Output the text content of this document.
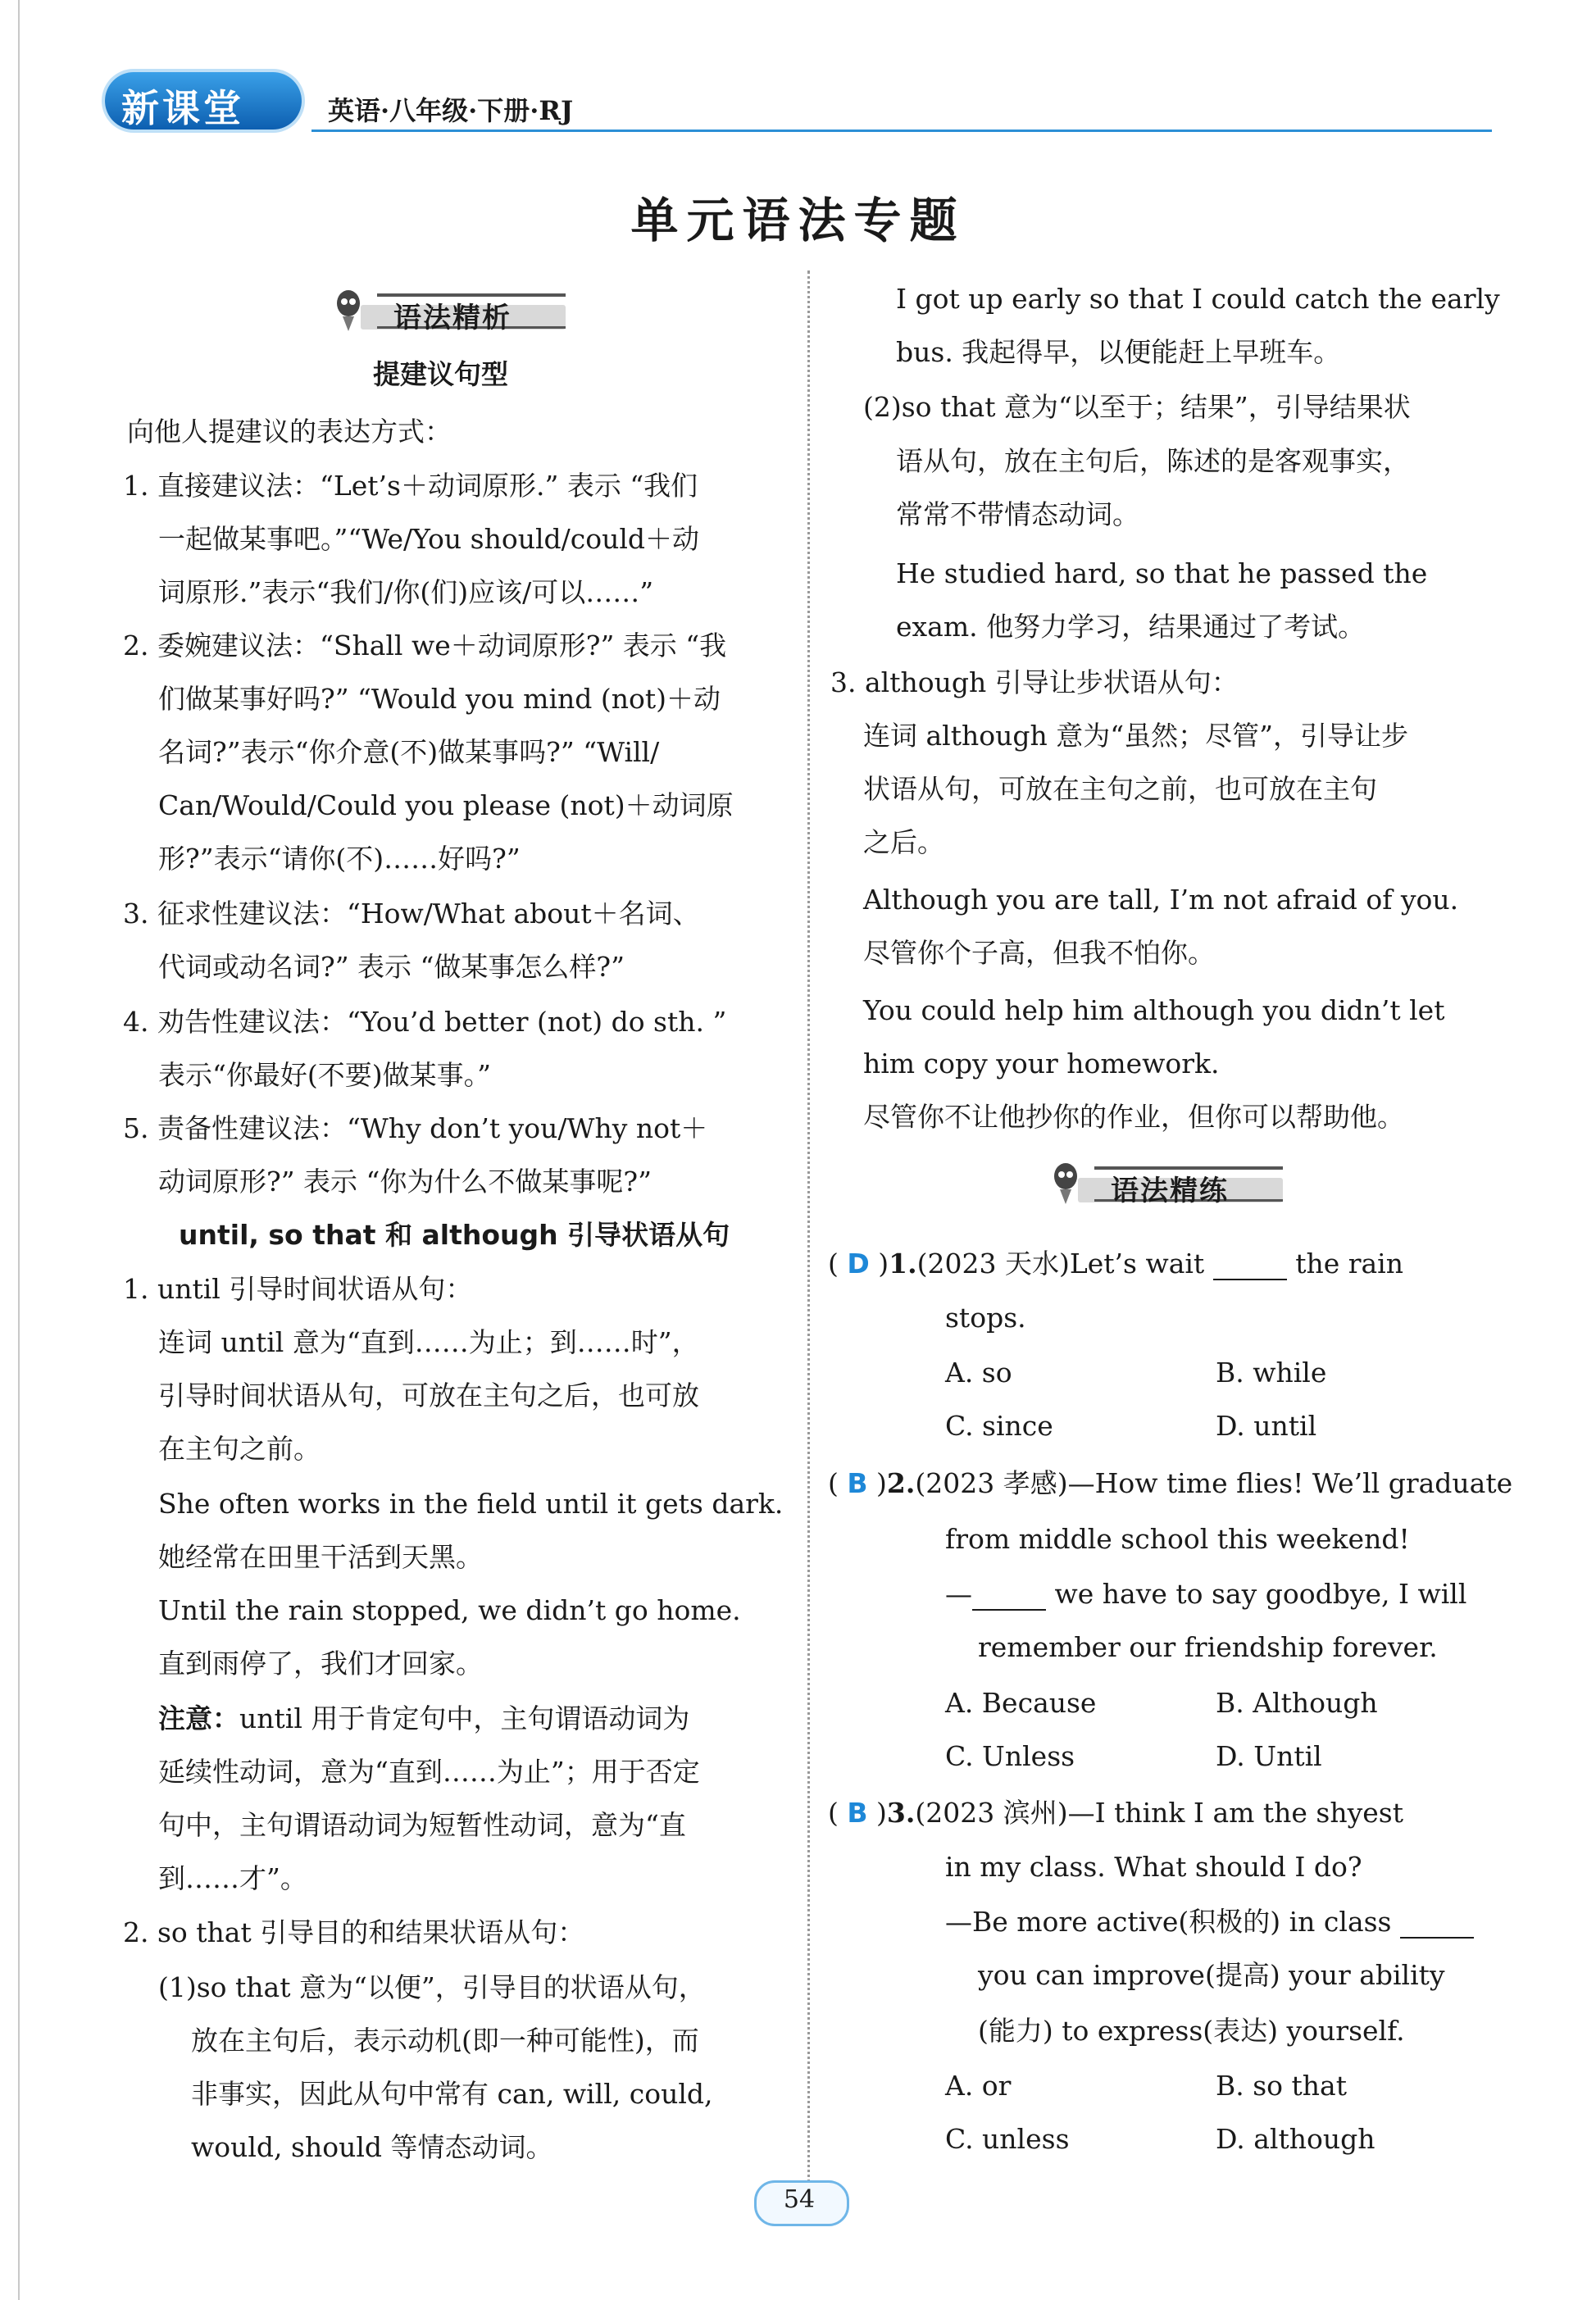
新课堂	英语·八年级·下册·RJ
单元语法专题
语法精析
提建议句型
向他人提建议的表达方式：
1. 直接建议法：“Let’s＋动词原形.” 表示 “我们
一起做某事吧。”“We/You should/could＋动
词原形.”表示“我们/你(们)应该/可以……”
2. 委婉建议法：“Shall we＋动词原形?” 表示 “我
们做某事好吗?” “Would you mind (not)＋动
名词?”表示“你介意(不)做某事吗?” “Will/
Can/Would/Could you please (not)＋动词原
形?”表示“请你(不)……好吗?”
3. 征求性建议法：“How/What about＋名词、
代词或动名词?” 表示 “做某事怎么样?”
4. 劝告性建议法：“You’d better (not) do sth. ”
表示“你最好(不要)做某事。”
5. 责备性建议法：“Why don’t you/Why not＋
动词原形?” 表示 “你为什么不做某事呢?”
until, so that 和 although 引导状语从句
1. until 引导时间状语从句：
连词 until 意为“直到……为止；到……时”，
引导时间状语从句，可放在主句之后，也可放
在主句之前。
She often works in the field until it gets dark.
她经常在田里干活到天黑。
Until the rain stopped, we didn’t go home.
直到雨停了，我们才回家。
注意：until 用于肯定句中，主句谓语动词为
延续性动词，意为“直到……为止”；用于否定
句中，主句谓语动词为短暂性动词，意为“直
到……才”。
2. so that 引导目的和结果状语从句：
(1)so that 意为“以便”，引导目的状语从句，
放在主句后，表示动机(即一种可能性)，而
非事实，因此从句中常有 can, will, could,
would, should 等情态动词。
I got up early so that I could catch the early
bus. 我起得早，以便能赶上早班车。
(2)so that 意为“以至于；结果”，引导结果状
语从句，放在主句后，陈述的是客观事实，
常常不带情态动词。
He studied hard, so that he passed the
exam. 他努力学习，结果通过了考试。
3. although 引导让步状语从句：
连词 although 意为“虽然；尽管”，引导让步
状语从句，可放在主句之前，也可放在主句
之后。
Although you are tall, I’m not afraid of you.
尽管你个子高，但我不怕你。
You could help him although you didn’t let
him copy your homework.
尽管你不让他抄你的作业，但你可以帮助他。
语法精练
( D )1.(2023 天水)Let’s wait	the rain
stops.
A. so	B. while
C. since	D. until
( B )2.(2023 孝感)—How time flies! We’ll graduate
from middle school this weekend!
—	we have to say goodbye, I will
remember our friendship forever.
A. Because	B. Although
C. Unless	D. Until
( B )3.(2023 滨州)—I think I am the shyest
in my class. What should I do?
—Be more active(积极的) in class
you can improve(提高) your ability
(能力) to express(表达) yourself.
A. or	B. so that
C. unless	D. although
54
